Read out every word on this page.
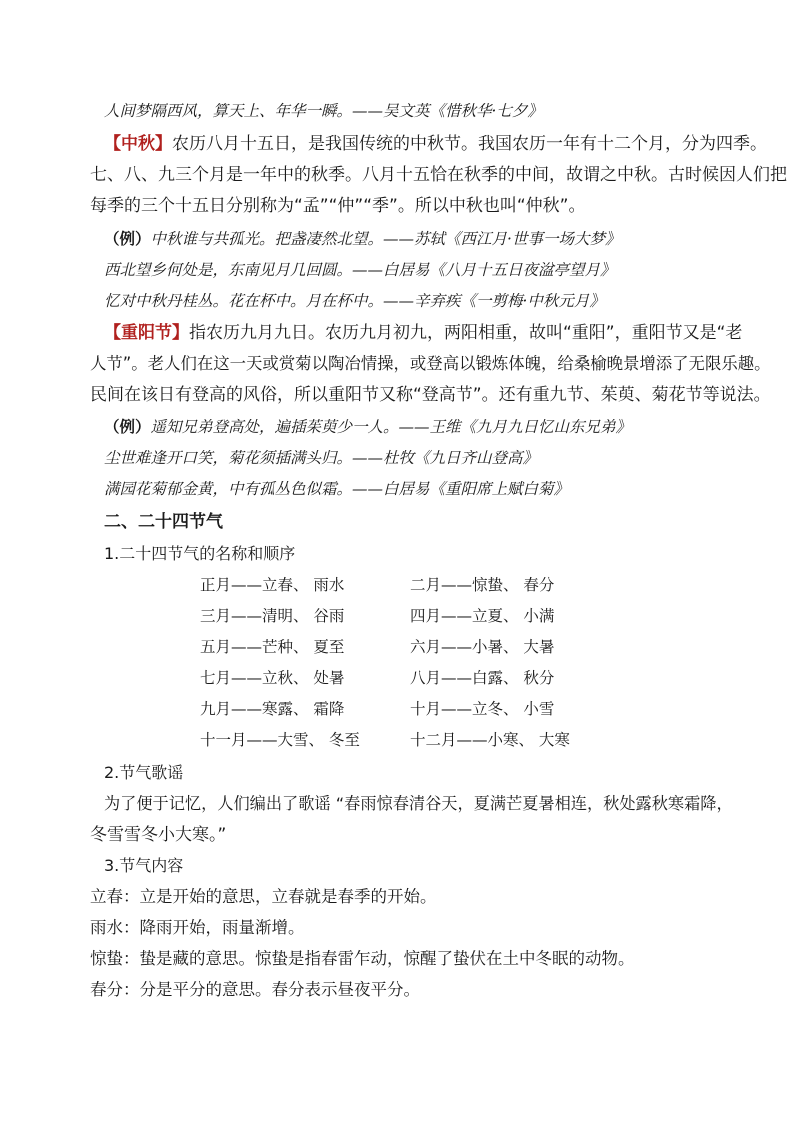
人间梦隔西风，算天上、年华一瞬。——吴文英《惜秋华·七夕》
【中秋】农历八月十五日，是我国传统的中秋节。我国农历一年有十二个月，分为四季。
七、八、九三个月是一年中的秋季。八月十五恰在秋季的中间，故谓之中秋。古时候因人们把
每季的三个十五日分别称为“孟”“仲”“季”。所以中秋也叫“仲秋”。
（例）中秋谁与共孤光。把盏凄然北望。——苏轼《西江月·世事一场大梦》
西北望乡何处是，东南见月几回圆。——白居易《八月十五日夜湓亭望月》
忆对中秋丹桂丛。花在杯中。月在杯中。——辛弃疾《一剪梅·中秋元月》
【重阳节】指农历九月九日。农历九月初九，两阳相重，故叫“重阳”，重阳节又是“老
人节”。老人们在这一天或赏菊以陶冶情操，或登高以锻炼体魄，给桑榆晚景增添了无限乐趣。
民间在该日有登高的风俗，所以重阳节又称“登高节”。还有重九节、茱萸、菊花节等说法。
（例）遥知兄弟登高处，遍插茱萸少一人。——王维《九月九日忆山东兄弟》
尘世难逢开口笑，菊花须插满头归。——杜牧《九日齐山登高》
满园花菊郁金黄，中有孤丛色似霜。——白居易《重阳席上赋白菊》
二、二十四节气
1.二十四节气的名称和顺序
正月——立春、 雨水	二月——惊蛰、 春分
三月——清明、 谷雨	四月——立夏、 小满
五月——芒种、 夏至	六月——小暑、 大暑
七月——立秋、 处暑	八月——白露、 秋分
九月——寒露、 霜降	十月——立冬、 小雪
十一月——大雪、 冬至	十二月——小寒、 大寒
2.节气歌谣
为了便于记忆，人们编出了歌谣 “春雨惊春清谷天，夏满芒夏暑相连，秋处露秋寒霜降，
冬雪雪冬小大寒。”
3.节气内容
立春：立是开始的意思，立春就是春季的开始。
雨水：降雨开始，雨量渐增。
惊蛰：蛰是藏的意思。惊蛰是指春雷乍动，惊醒了蛰伏在土中冬眠的动物。
春分：分是平分的意思。春分表示昼夜平分。
